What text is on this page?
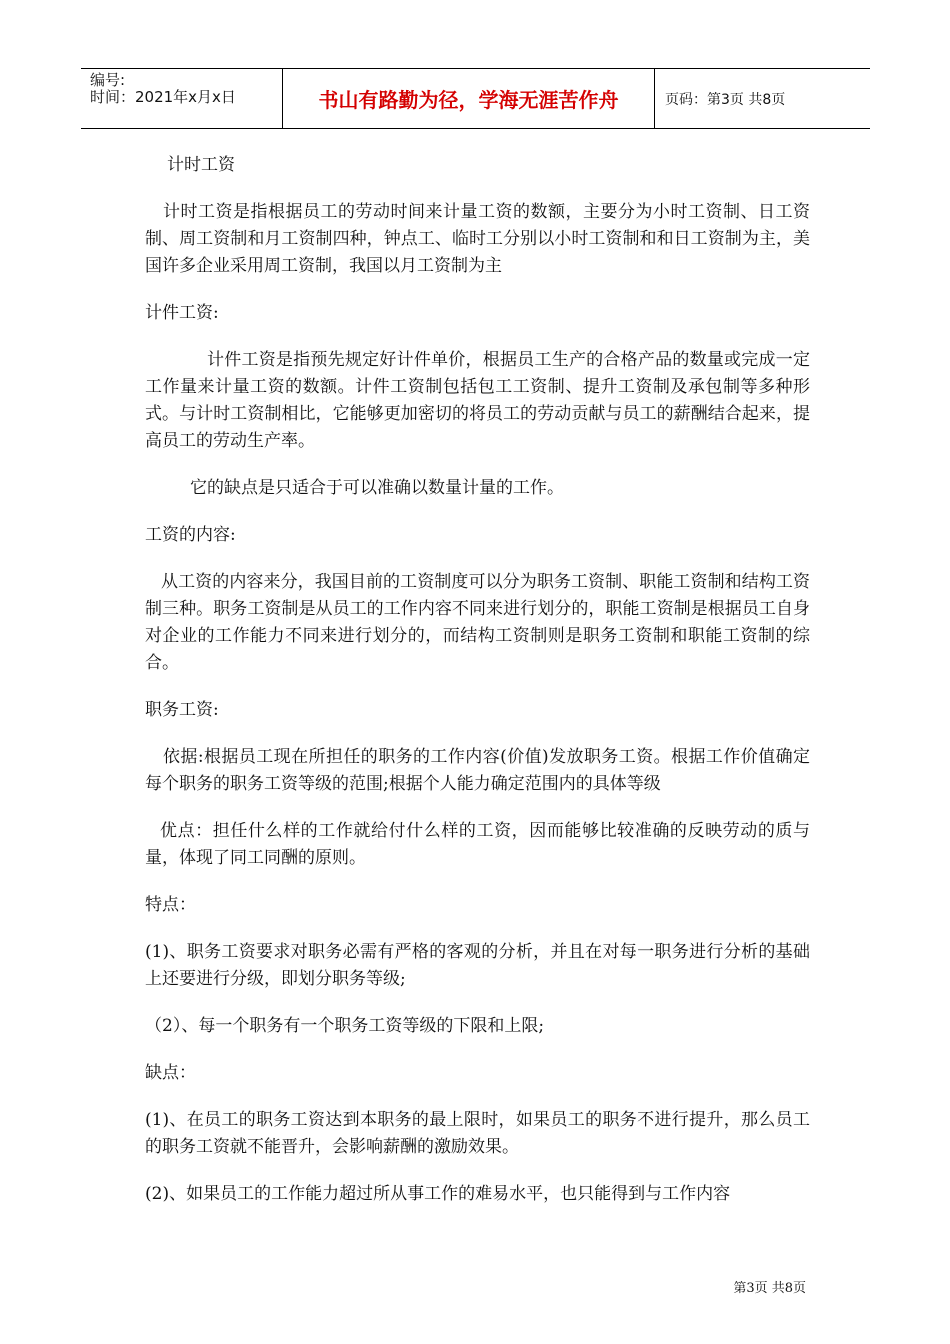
编号:
时间：2021年x月x日	书山有路勤为径，学海无涯苦作舟	页码：第3页 共8页

计时工资

计时工资是指根据员工的劳动时间来计量工资的数额，主要分为小时工资制、日工资制、周工资制和月工资制四种，钟点工、临时工分别以小时工资制和和日工资制为主，美国许多企业采用周工资制，我国以月工资制为主

计件工资:

计件工资是指预先规定好计件单价，根据员工生产的合格产品的数量或完成一定工作量来计量工资的数额。计件工资制包括包工工资制、提升工资制及承包制等多种形式。与计时工资制相比，它能够更加密切的将员工的劳动贡献与员工的薪酬结合起来，提高员工的劳动生产率。

它的缺点是只适合于可以准确以数量计量的工作。

工资的内容:

从工资的内容来分，我国目前的工资制度可以分为职务工资制、职能工资制和结构工资制三种。职务工资制是从员工的工作内容不同来进行划分的，职能工资制是根据员工自身对企业的工作能力不同来进行划分的，而结构工资制则是职务工资制和职能工资制的综合。

职务工资:

依据:根据员工现在所担任的职务的工作内容(价值)发放职务工资。根据工作价值确定每个职务的职务工资等级的范围;根据个人能力确定范围内的具体等级

优点：担任什么样的工作就给付什么样的工资，因而能够比较准确的反映劳动的质与量，体现了同工同酬的原则。

特点：

(1)、职务工资要求对职务必需有严格的客观的分析，并且在对每一职务进行分析的基础上还要进行分级，即划分职务等级;

（2）、每一个职务有一个职务工资等级的下限和上限;

缺点：

(1)、在员工的职务工资达到本职务的最上限时，如果员工的职务不进行提升，那么员工的职务工资就不能晋升，会影响薪酬的激励效果。

(2)、如果员工的工作能力超过所从事工作的难易水平，也只能得到与工作内容

第3页 共8页
